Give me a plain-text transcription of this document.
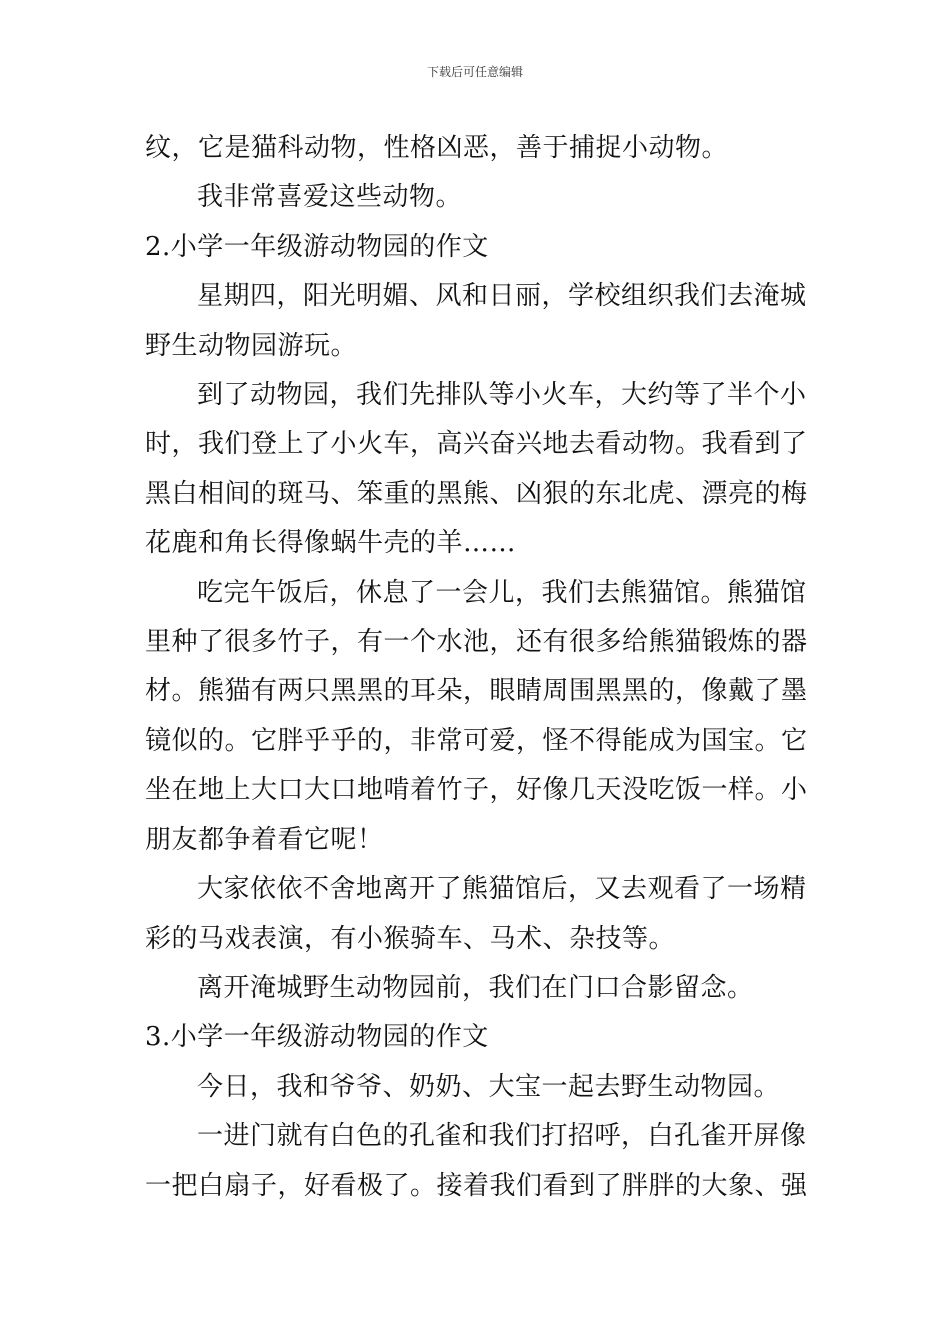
下载后可任意编辑
纹，它是猫科动物，性格凶恶，善于捕捉小动物。
我非常喜爱这些动物。
2.小学一年级游动物园的作文
星期四，阳光明媚、风和日丽，学校组织我们去淹城
野生动物园游玩。
到了动物园，我们先排队等小火车，大约等了半个小
时，我们登上了小火车，高兴奋兴地去看动物。我看到了
黑白相间的斑马、笨重的黑熊、凶狠的东北虎、漂亮的梅
花鹿和角长得像蜗牛壳的羊……
吃完午饭后，休息了一会儿，我们去熊猫馆。熊猫馆
里种了很多竹子，有一个水池，还有很多给熊猫锻炼的器
材。熊猫有两只黑黑的耳朵，眼睛周围黑黑的，像戴了墨
镜似的。它胖乎乎的，非常可爱，怪不得能成为国宝。它
坐在地上大口大口地啃着竹子，好像几天没吃饭一样。小
朋友都争着看它呢！
大家依依不舍地离开了熊猫馆后，又去观看了一场精
彩的马戏表演，有小猴骑车、马术、杂技等。
离开淹城野生动物园前，我们在门口合影留念。
3.小学一年级游动物园的作文
今日，我和爷爷、奶奶、大宝一起去野生动物园。
一进门就有白色的孔雀和我们打招呼，白孔雀开屏像
一把白扇子，好看极了。接着我们看到了胖胖的大象、强
